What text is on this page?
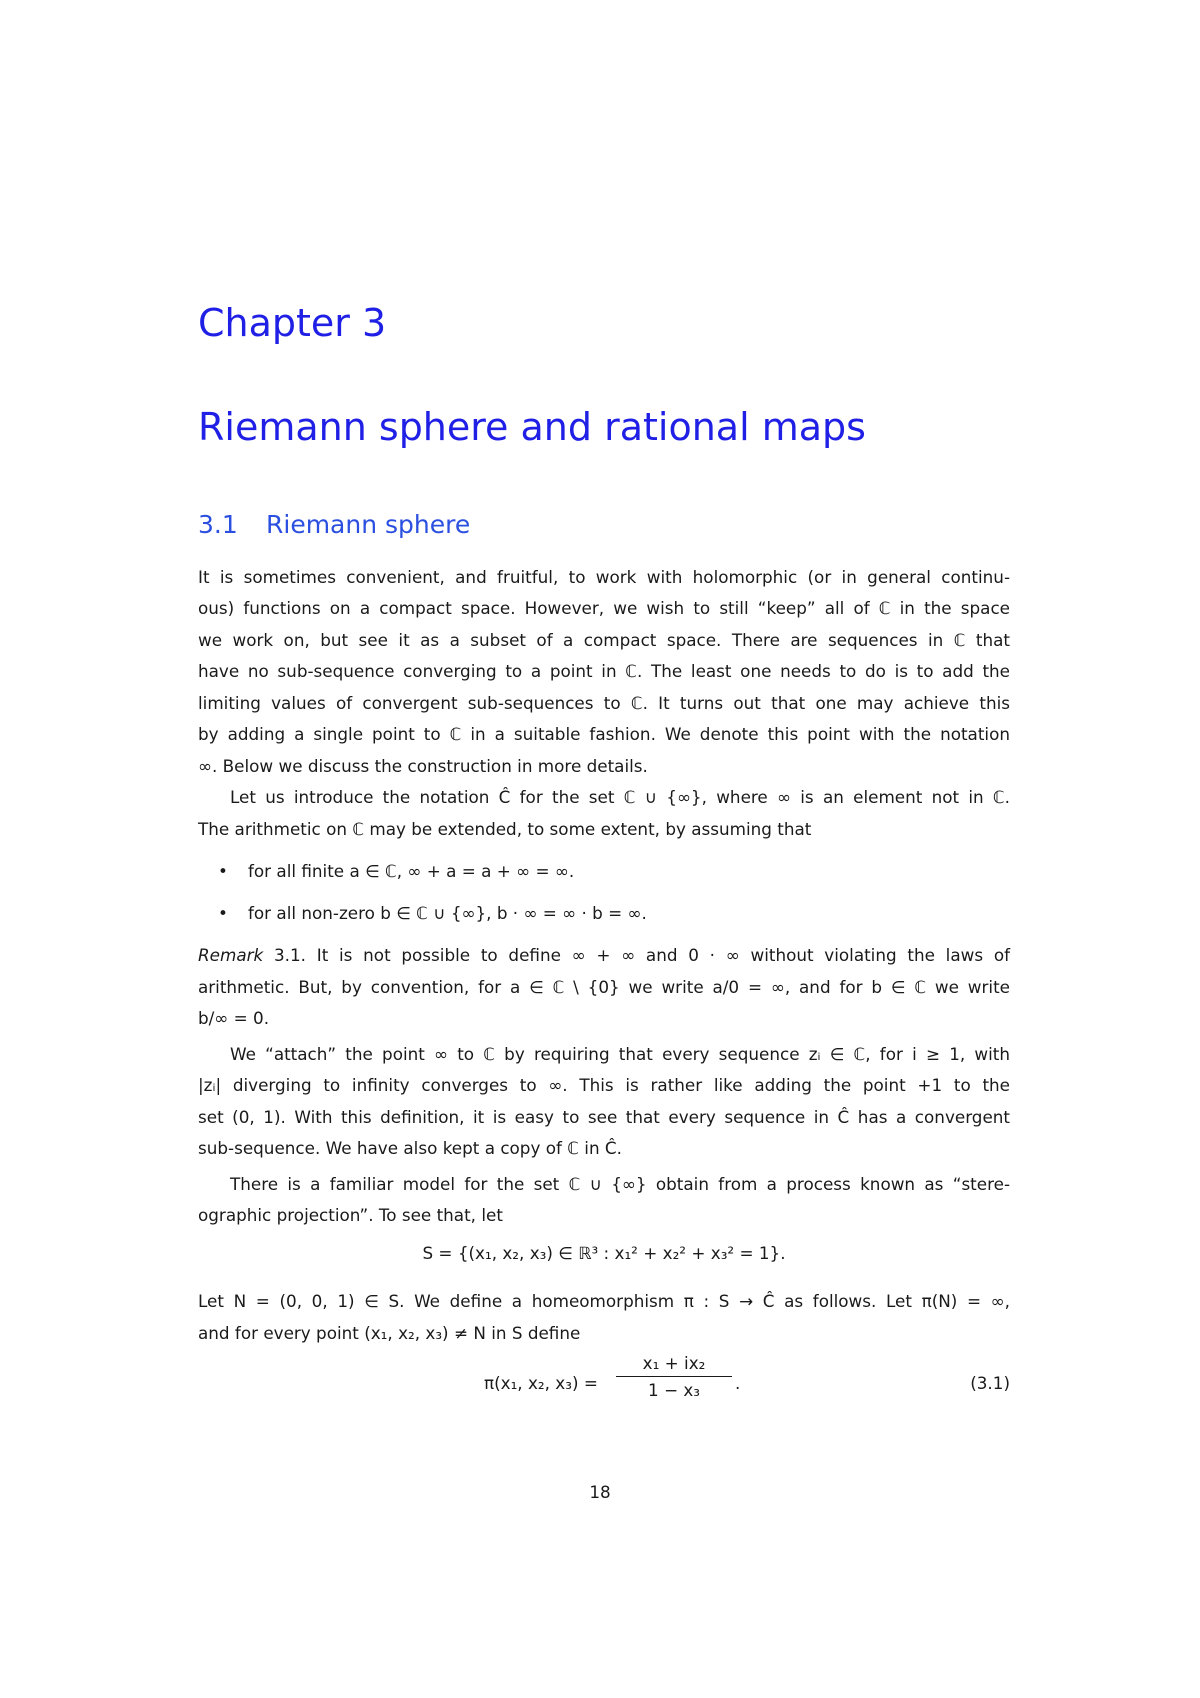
Chapter 3
Riemann sphere and rational maps
3.1 Riemann sphere

It is sometimes convenient, and fruitful, to work with holomorphic (or in general continu-

ous) functions on a compact space. However, we wish to still “keep” all of ℂ in the space

we work on, but see it as a subset of a compact space. There are sequences in ℂ that

have no sub-sequence converging to a point in ℂ. The least one needs to do is to add the

limiting values of convergent sub-sequences to ℂ. It turns out that one may achieve this

by adding a single point to ℂ in a suitable fashion. We denote this point with the notation

∞. Below we discuss the construction in more details.

Let us introduce the notation Ĉ for the set ℂ ∪ {∞}, where ∞ is an element not in ℂ.

The arithmetic on ℂ may be extended, to some extent, by assuming that

• for all finite a ∈ ℂ, ∞ + a = a + ∞ = ∞.

• for all non-zero b ∈ ℂ ∪ {∞}, b · ∞ = ∞ · b = ∞.

Remark 3.1. It is not possible to define ∞ + ∞ and 0 · ∞ without violating the laws of

arithmetic. But, by convention, for a ∈ ℂ \ {0} we write a/0 = ∞, and for b ∈ ℂ we write

b/∞ = 0.

We “attach” the point ∞ to ℂ by requiring that every sequence zᵢ ∈ ℂ, for i ≥ 1, with

|zᵢ| diverging to infinity converges to ∞. This is rather like adding the point +1 to the

set (0, 1). With this definition, it is easy to see that every sequence in Ĉ has a convergent

sub-sequence. We have also kept a copy of ℂ in Ĉ.

There is a familiar model for the set ℂ ∪ {∞} obtain from a process known as “stere-

ographic projection”. To see that, let

S = {(x₁, x₂, x₃) ∈ ℝ³ : x₁² + x₂² + x₃² = 1}.

Let N = (0, 0, 1) ∈ S. We define a homeomorphism π : S → Ĉ as follows. Let π(N) = ∞,

and for every point (x₁, x₂, x₃) ≠ N in S define

π(x₁, x₂, $x_3) = \frac{\text{x₁ + ix₂}}{\text{1 − x₃}}$ .	(3.1)
18
